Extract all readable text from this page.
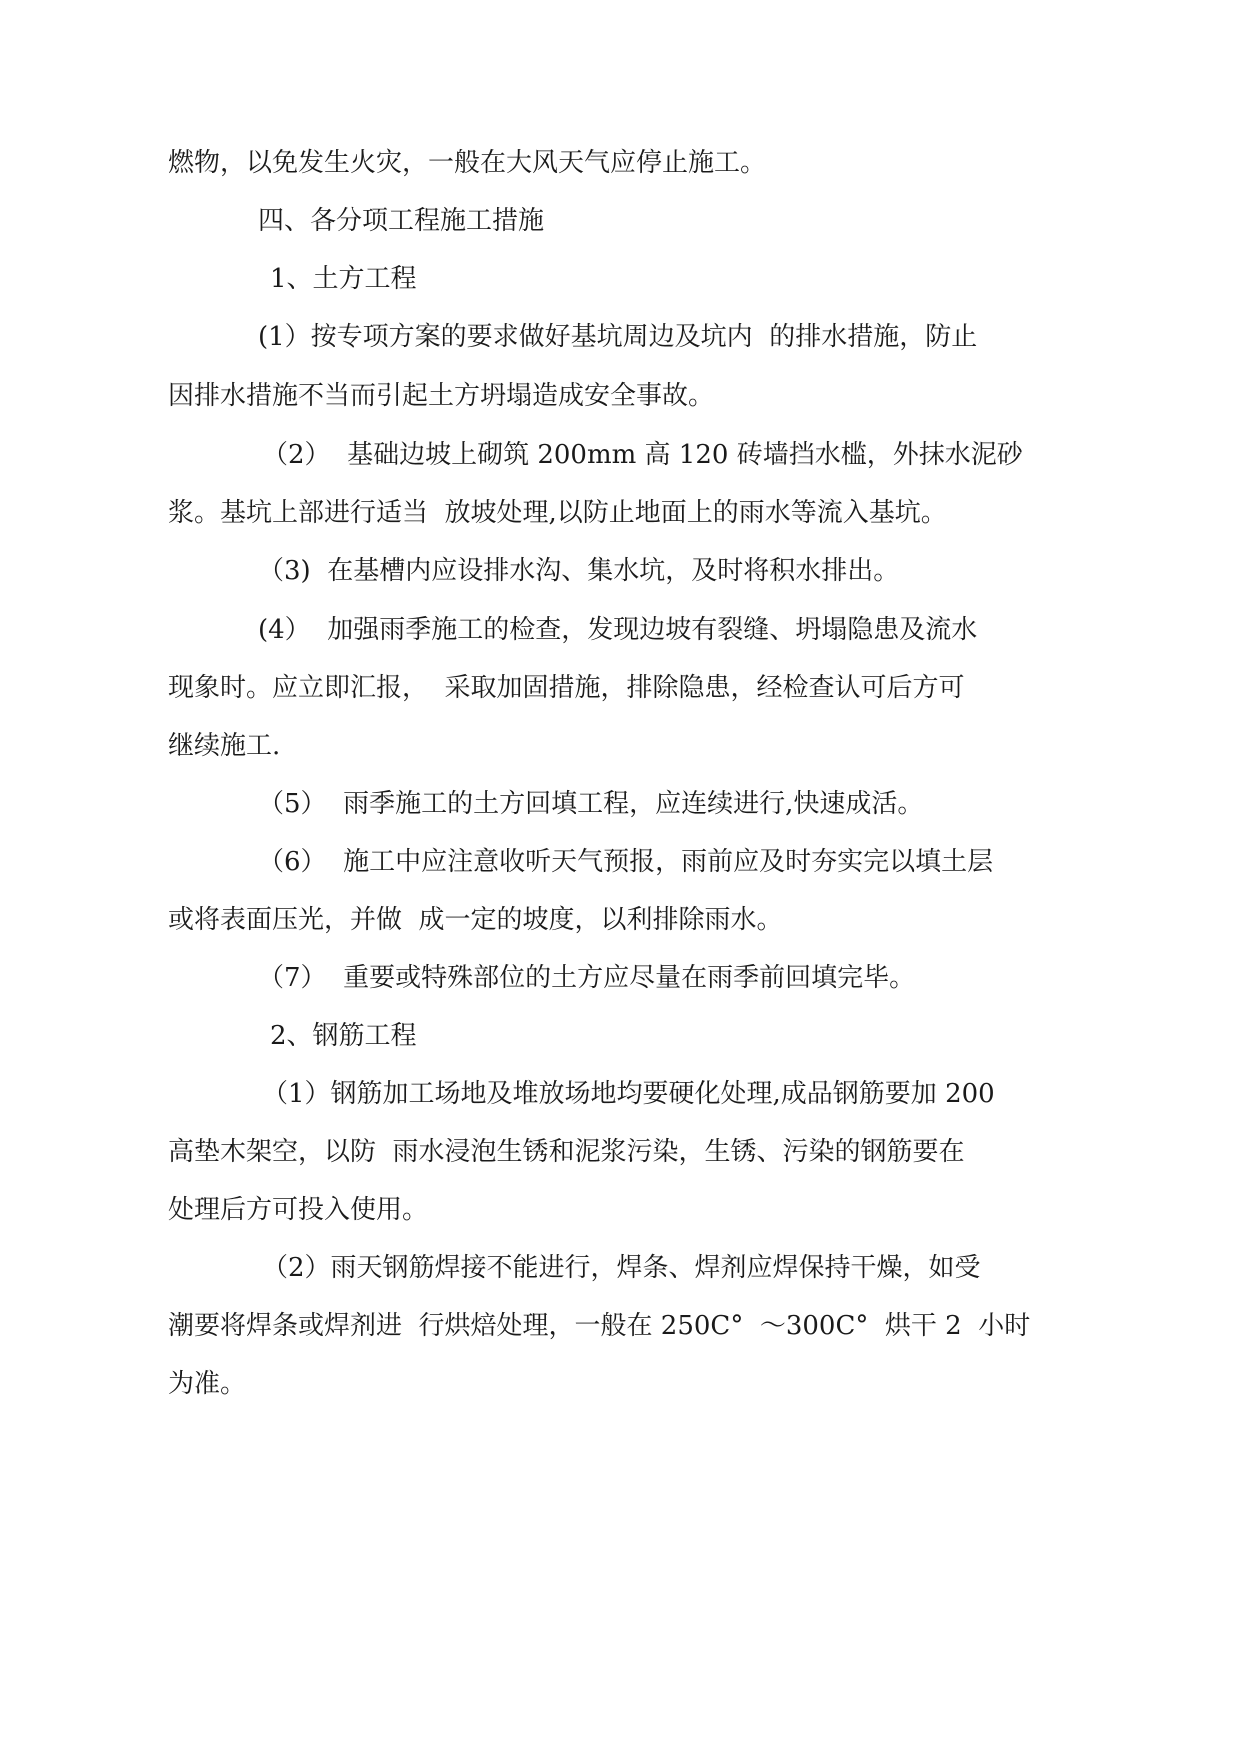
燃物，以免发生火灾，一般在大风天气应停止施工。
四、各分项工程施工措施
1、土方工程
(1）按专项方案的要求做好基坑周边及坑内  的排水措施，防止
因排水措施不当而引起土方坍塌造成安全事故。
（2）  基础边坡上砌筑 200mm 高 120 砖墙挡水槛，外抹水泥砂
浆。基坑上部进行适当  放坡处理,以防止地面上的雨水等流入基坑。
（3)  在基槽内应设排水沟、集水坑，及时将积水排出。
(4）  加强雨季施工的检查，发现边坡有裂缝、坍塌隐患及流水
现象时。应立即汇报，  采取加固措施，排除隐患，经检查认可后方可
继续施工.
（5）  雨季施工的土方回填工程，应连续进行,快速成活。
（6）  施工中应注意收听天气预报，雨前应及时夯实完以填土层
或将表面压光，并做  成一定的坡度，以利排除雨水。
（7）  重要或特殊部位的土方应尽量在雨季前回填完毕。
2、钢筋工程
（1）钢筋加工场地及堆放场地均要硬化处理,成品钢筋要加 200
高垫木架空，以防  雨水浸泡生锈和泥浆污染，生锈、污染的钢筋要在
处理后方可投入使用。
（2）雨天钢筋焊接不能进行，焊条、焊剂应焊保持干燥，如受
潮要将焊条或焊剂进  行烘焙处理，一般在 250C°  ～300C°  烘干 2  小时
为准。
